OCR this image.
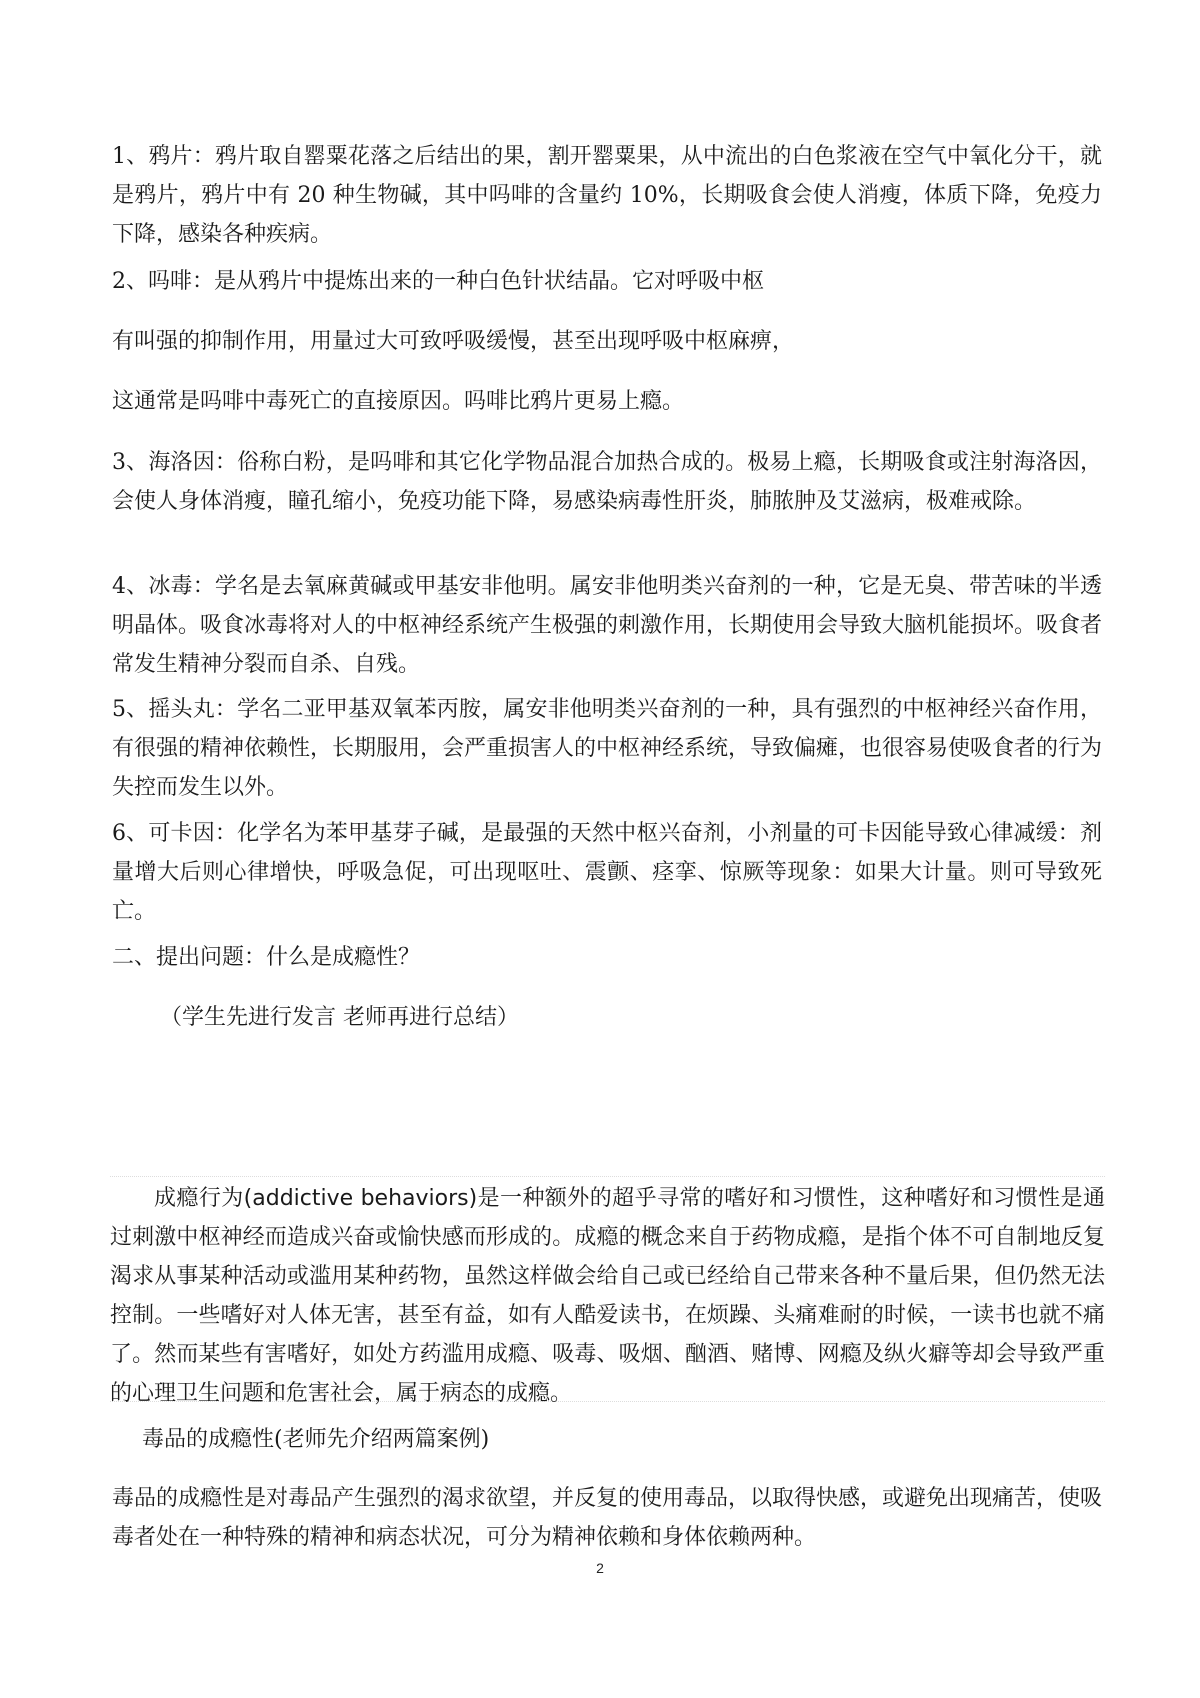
1、鸦片：鸦片取自罂粟花落之后结出的果，割开罂粟果，从中流出的白色浆液在空气中氧化分干，就是鸦片，鸦片中有 20 种生物碱，其中吗啡的含量约 10%，长期吸食会使人消瘦，体质下降，免疫力下降，感染各种疾病。

2、吗啡：是从鸦片中提炼出来的一种白色针状结晶。它对呼吸中枢

有叫强的抑制作用，用量过大可致呼吸缓慢，甚至出现呼吸中枢麻痹，

这通常是吗啡中毒死亡的直接原因。吗啡比鸦片更易上瘾。

3、海洛因：俗称白粉，是吗啡和其它化学物品混合加热合成的。极易上瘾，长期吸食或注射海洛因，会使人身体消瘦，瞳孔缩小，免疫功能下降，易感染病毒性肝炎，肺脓肿及艾滋病，极难戒除。

4、冰毒：学名是去氧麻黄碱或甲基安非他明。属安非他明类兴奋剂的一种，它是无臭、带苦味的半透明晶体。吸食冰毒将对人的中枢神经系统产生极强的刺激作用，长期使用会导致大脑机能损坏。吸食者常发生精神分裂而自杀、自残。

5、摇头丸：学名二亚甲基双氧苯丙胺，属安非他明类兴奋剂的一种，具有强烈的中枢神经兴奋作用，有很强的精神依赖性，长期服用，会严重损害人的中枢神经系统，导致偏瘫，也很容易使吸食者的行为失控而发生以外。

6、可卡因：化学名为苯甲基芽子碱，是最强的天然中枢兴奋剂，小剂量的可卡因能导致心律减缓：剂量增大后则心律增快，呼吸急促，可出现呕吐、震颤、痉挛、惊厥等现象：如果大计量。则可导致死亡。

二、提出问题：什么是成瘾性？

（学生先进行发言 老师再进行总结）

成瘾行为(addictive behaviors)是一种额外的超乎寻常的嗜好和习惯性，这种嗜好和习惯性是通过刺激中枢神经而造成兴奋或愉快感而形成的。成瘾的概念来自于药物成瘾，是指个体不可自制地反复渴求从事某种活动或滥用某种药物，虽然这样做会给自己或已经给自己带来各种不量后果，但仍然无法控制。一些嗜好对人体无害，甚至有益，如有人酷爱读书，在烦躁、头痛难耐的时候，一读书也就不痛了。然而某些有害嗜好，如处方药滥用成瘾、吸毒、吸烟、酗酒、赌博、网瘾及纵火癖等却会导致严重的心理卫生问题和危害社会，属于病态的成瘾。

毒品的成瘾性(老师先介绍两篇案例)

毒品的成瘾性是对毒品产生强烈的渴求欲望，并反复的使用毒品，以取得快感，或避免出现痛苦，使吸毒者处在一种特殊的精神和病态状况，可分为精神依赖和身体依赖两种。

2
